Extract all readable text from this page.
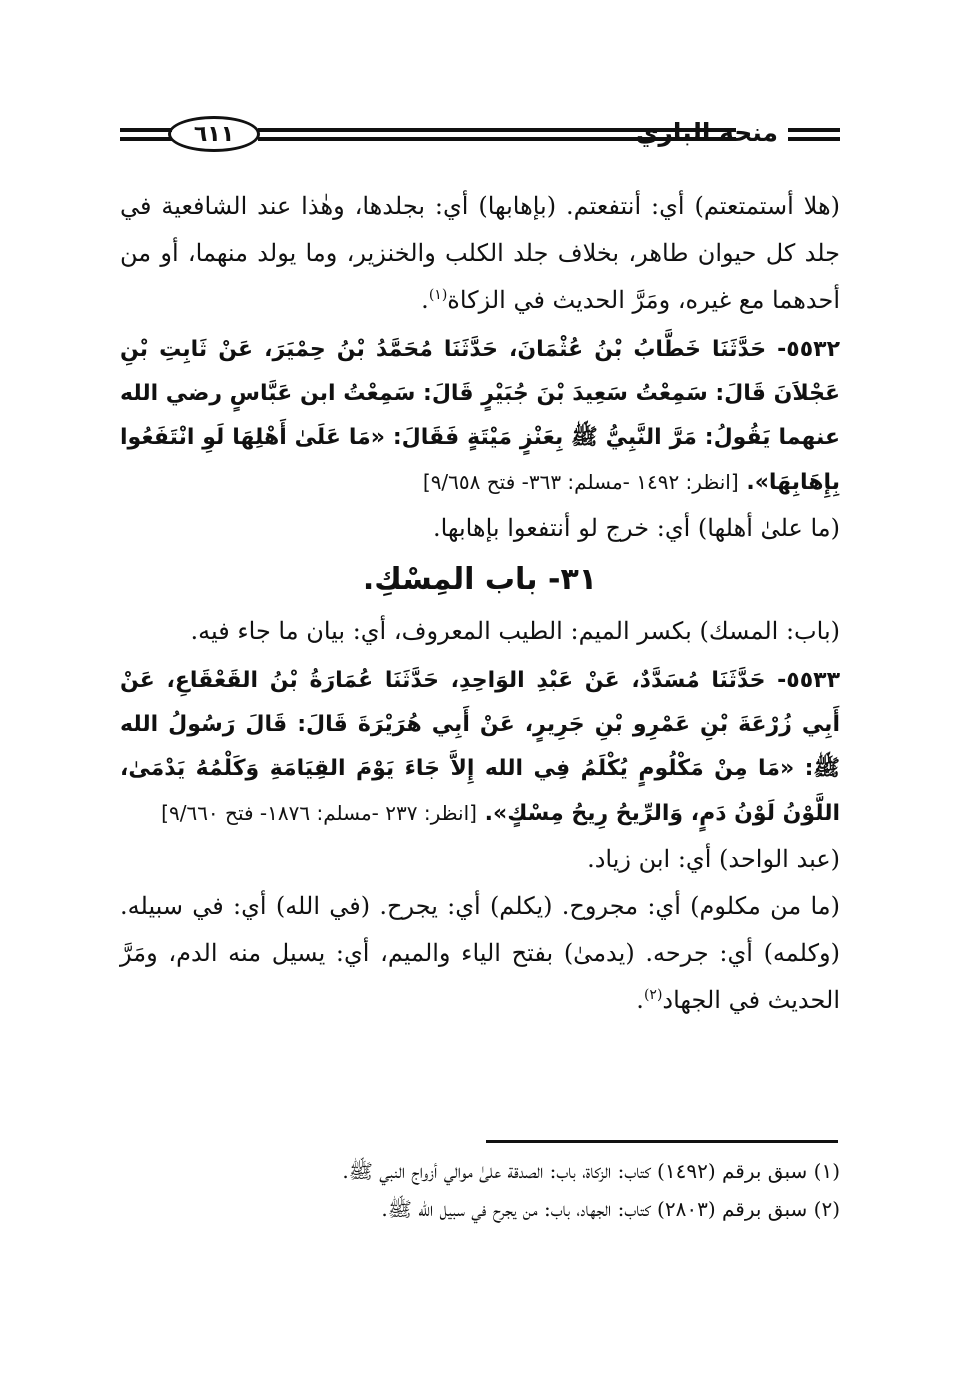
٦١١	منحة الباري

(هلا أستمتعتم) أي: أنتفعتم. (بإهابها) أي: بجلدها، وهٰذا عند الشافعية في جلد كل حيوان طاهر، بخلاف جلد الكلب والخنزير، وما يولد منهما، أو من أحدهما مع غيره، ومَرَّ الحديث في الزكاة$^{(١)}$.

٥٥٣٢- حَدَّثَنَا خَطَّابُ بْنُ عُثْمَانَ، حَدَّثَنَا مُحَمَّدُ بْنُ حِمْيَرَ، عَنْ ثَابِتِ بْنِ عَجْلاَنَ قَالَ: سَمِعْتُ سَعِيدَ بْنَ جُبَيْرٍ قَالَ: سَمِعْتُ ابن عَبَّاسٍ رضي الله عنهما يَقُولُ: مَرَّ النَّبِيُّ ﷺ بِعَنْزٍ مَيْتَةٍ فَقَالَ: «مَا عَلَىٰ أَهْلِهَا لَوِ انْتَفَعُوا بِإِهَابِهَا». [انظر: ١٤٩٢ -مسلم: ٣٦٣- فتح ٩/٦٥٨]

(ما علىٰ أهلها) أي: خرج لو أنتفعوا بإهابها.

٣١- باب المِسْكِ.

(باب: المسك) بكسر الميم: الطيب المعروف، أي: بيان ما جاء فيه.

٥٥٣٣- حَدَّثَنَا مُسَدَّدٌ، عَنْ عَبْدِ الوَاحِدِ، حَدَّثَنَا عُمَارَةُ بْنُ القَعْقَاعِ، عَنْ أَبِي زُرْعَةَ بْنِ عَمْرِو بْنِ جَرِيرٍ، عَنْ أَبِي هُرَيْرَةَ قَالَ: قَالَ رَسُولُ الله ﷺ: «مَا مِنْ مَكْلُومٍ يُكْلَمُ فِي الله إِلاَّ جَاءَ يَوْمَ القِيَامَةِ وَكَلْمُهُ يَدْمَىٰ، اللَّوْنُ لَوْنُ دَمٍ، وَالرِّيحُ رِيحُ مِسْكٍ». [انظر: ٢٣٧ -مسلم: ١٨٧٦- فتح ٩/٦٦٠]

(عبد الواحد) أي: ابن زياد.

(ما من مكلوم) أي: مجروح. (يكلم) أي: يجرح. (في الله) أي: في سبيله. (وكلمه) أي: جرحه. (يدمىٰ) بفتح الياء والميم، أي: يسيل منه الدم، ومَرَّ الحديث في الجهاد$^{(٢)}$.

(١) سبق برقم (١٤٩٢) كتاب: الزكاة، باب: الصدقة علىٰ موالي أزواج النبي ﷺ.

(٢) سبق برقم (٢٨٠٣) كتاب: الجهاد، باب: من يجرح في سبيل الله ﷺ.
